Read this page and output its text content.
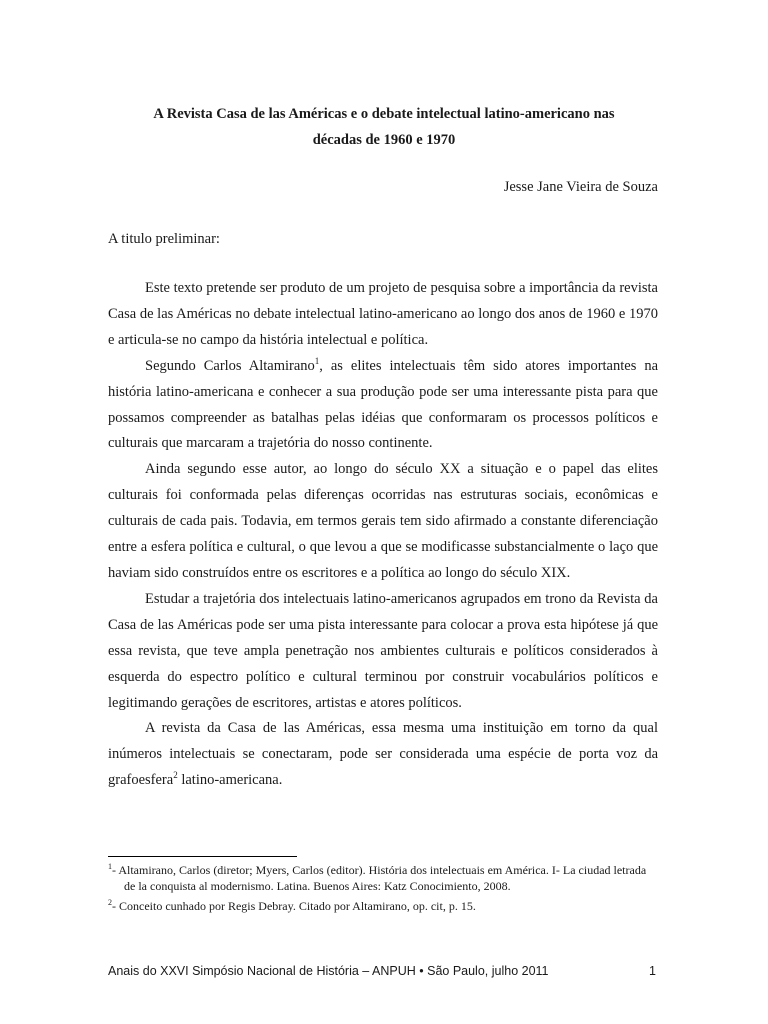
A Revista Casa de las Américas e o debate intelectual latino-americano nas
décadas de 1960 e 1970
Jesse Jane Vieira de Souza
A titulo preliminar:

Este texto pretende ser produto de um projeto de pesquisa sobre a importância da revista Casa de las Américas no debate intelectual latino-americano ao longo dos anos de 1960 e 1970 e articula-se no campo da história intelectual e política.

Segundo Carlos Altamirano$^1$, as elites intelectuais têm sido atores importantes na história latino-americana e conhecer a sua produção pode ser uma interessante pista para que possamos compreender as batalhas pelas idéias que conformaram os processos políticos e culturais que marcaram a trajetória do nosso continente.

Ainda segundo esse autor, ao longo do século XX a situação e o papel das elites culturais foi conformada pelas diferenças ocorridas nas estruturas sociais, econômicas e culturais de cada pais. Todavia, em termos gerais tem sido afirmado a constante diferenciação entre a esfera política e cultural, o que levou a que se modificasse substancialmente o laço que haviam sido construídos entre os escritores e a política ao longo do século XIX.

Estudar a trajetória dos intelectuais latino-americanos agrupados em trono da Revista da Casa de las Américas pode ser uma pista interessante para colocar a prova esta hipótese já que essa revista, que teve ampla penetração nos ambientes culturais e políticos considerados à esquerda do espectro político e cultural terminou por construir vocabulários políticos e legitimando gerações de escritores, artistas e atores políticos.

A revista da Casa de las Américas, essa mesma uma instituição em torno da qual inúmeros intelectuais se conectaram, pode ser considerada uma espécie de porta voz da grafoesfera$^2$ latino-americana.

$^1$- Altamirano, Carlos (diretor; Myers, Carlos (editor). História dos intelectuais em América. I- La ciudad letrada de la conquista al modernismo. Latina. Buenos Aires: Katz Conocimiento, 2008.

$^2$- Conceito cunhado por Regis Debray. Citado por Altamirano, op. cit, p. 15.

Anais do XXVI Simpósio Nacional de História – ANPUH • São Paulo, julho 2011	1
